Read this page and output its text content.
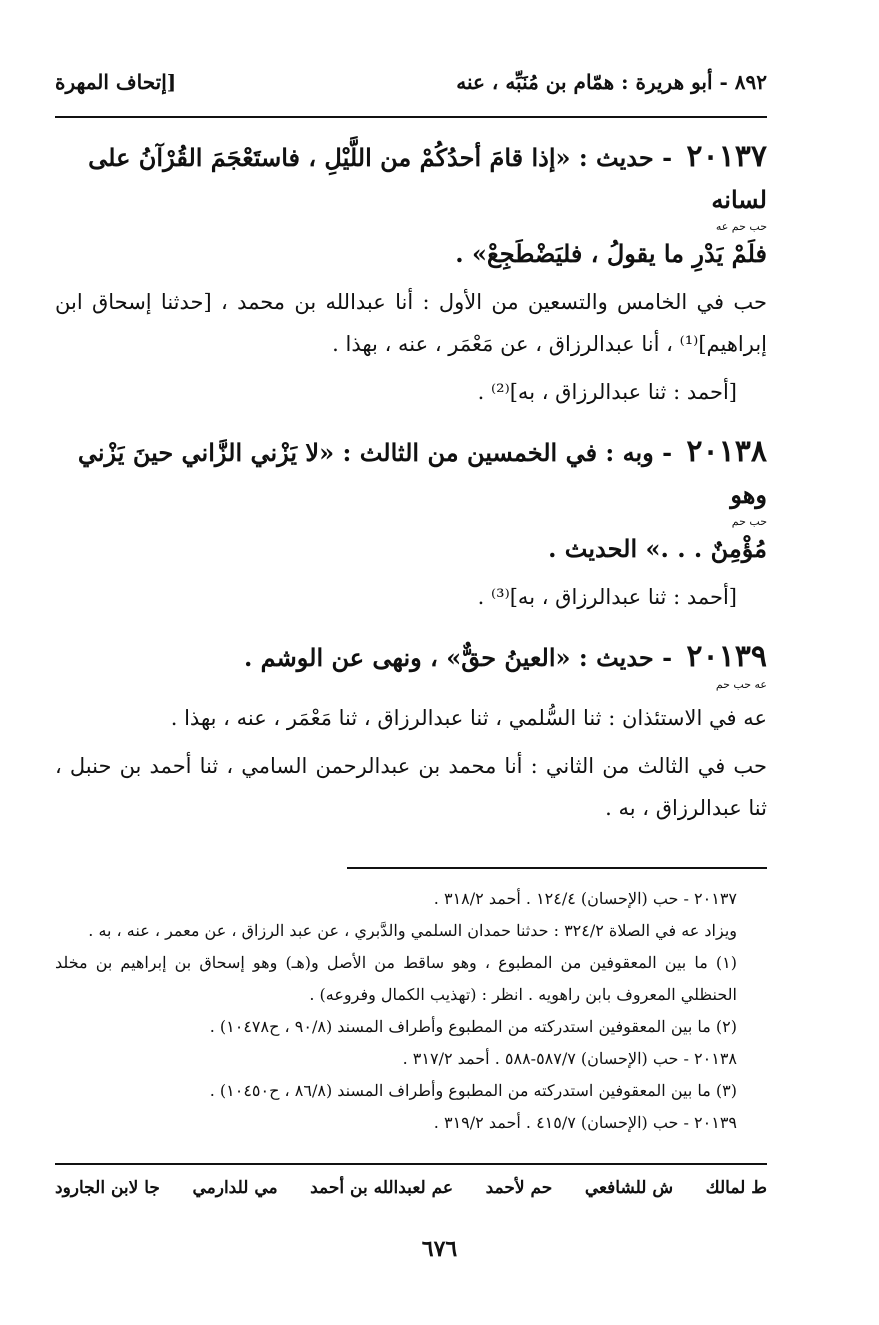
٨٩٢ - أبو هريرة : همّام بن مُنَبِّه ، عنه
[إتحاف المهرة
٢٠١٣٧ - حديث : «إذا قامَ أحدُكُمْ من اللَّيْلِ ، فاستَعْجَمَ القُرْآنُ على لسانه
حب حم عه
فلَمْ يَدْرِ ما يقولُ ، فليَضْطَجِعْ» .
حب في الخامس والتسعين من الأول : أنا عبدالله بن محمد ، [حدثنا إسحاق ابن إبراهيم]⁽¹⁾ ، أنا عبدالرزاق ، عن مَعْمَر ، عنه ، بهذا .
[أحمد : ثنا عبدالرزاق ، به]⁽²⁾ .
٢٠١٣٨ - وبه : في الخمسين من الثالث : «لا يَزْني الزَّاني حينَ يَزْني وهو
حب حم
مُؤْمِنٌ . . .» الحديث .
[أحمد : ثنا عبدالرزاق ، به]⁽³⁾ .
٢٠١٣٩ - حديث : «العينُ حقٌّ» ، ونهى عن الوشم .
عه حب حم
عه في الاستئذان : ثنا السُّلمي ، ثنا عبدالرزاق ، ثنا مَعْمَر ، عنه ، بهذا .
حب في الثالث من الثاني : أنا محمد بن عبدالرحمن السامي ، ثنا أحمد بن حنبل ، ثنا عبدالرزاق ، به .
٢٠١٣٧ - حب (الإحسان) ١٢٤/٤ . أحمد ٣١٨/٢ .
ويزاد عه في الصلاة ٣٢٤/٢ : حدثنا حمدان السلمي والدَّبري ، عن عبد الرزاق ، عن معمر ، عنه ، به .
(١) ما بين المعقوفين من المطبوع ، وهو ساقط من الأصل و(هـ) وهو إسحاق بن إبراهيم بن مخلد الحنظلي المعروف بابن راهويه . انظر : (تهذيب الكمال وفروعه) .
(٢) ما بين المعقوفين استدركته من المطبوع وأطراف المسند (٩٠/٨ ، ح١٠٤٧٨) .
٢٠١٣٨ - حب (الإحسان) ٥٨٧/٧-٥٨٨ . أحمد ٣١٧/٢ .
(٣) ما بين المعقوفين استدركته من المطبوع وأطراف المسند (٨٦/٨ ، ح١٠٤٥٠) .
٢٠١٣٩ - حب (الإحسان) ٤١٥/٧ . أحمد ٣١٩/٢ .
ط لمالك
ش للشافعي
حم لأحمد
عم لعبدالله بن أحمد
مي للدارمي
جا لابن الجارود
٦٧٦
